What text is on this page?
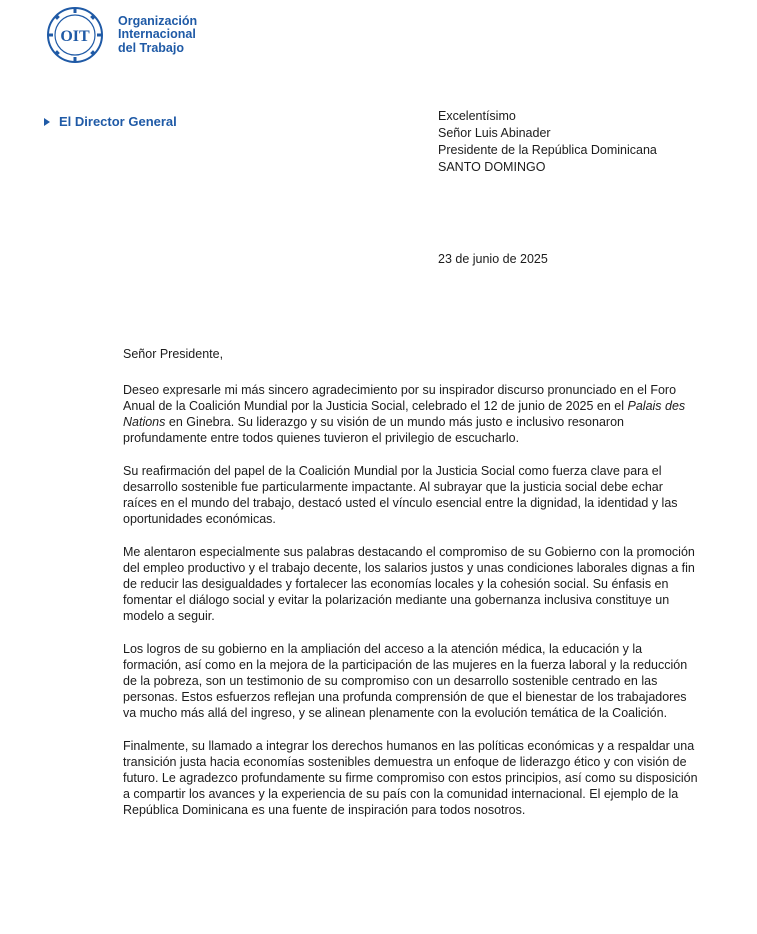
OIT
Organización
Internacional
del Trabajo
El Director General	Excelentísimo
Señor Luis Abinader
Presidente de la República Dominicana
SANTO DOMINGO
23 de junio de 2025

Señor Presidente,

Deseo expresarle mi más sincero agradecimiento por su inspirador discurso pronunciado en el Foro Anual de la Coalición Mundial por la Justicia Social, celebrado el 12 de junio de 2025 en el Palais des Nations en Ginebra. Su liderazgo y su visión de un mundo más justo e inclusivo resonaron profundamente entre todos quienes tuvieron el privilegio de escucharlo.

Su reafirmación del papel de la Coalición Mundial por la Justicia Social como fuerza clave para el desarrollo sostenible fue particularmente impactante. Al subrayar que la justicia social debe echar raíces en el mundo del trabajo, destacó usted el vínculo esencial entre la dignidad, la identidad y las oportunidades económicas.

Me alentaron especialmente sus palabras destacando el compromiso de su Gobierno con la promoción del empleo productivo y el trabajo decente, los salarios justos y unas condiciones laborales dignas a fin de reducir las desigualdades y fortalecer las economías locales y la cohesión social. Su énfasis en fomentar el diálogo social y evitar la polarización mediante una gobernanza inclusiva constituye un modelo a seguir.

Los logros de su gobierno en la ampliación del acceso a la atención médica, la educación y la formación, así como en la mejora de la participación de las mujeres en la fuerza laboral y la reducción de la pobreza, son un testimonio de su compromiso con un desarrollo sostenible centrado en las personas. Estos esfuerzos reflejan una profunda comprensión de que el bienestar de los trabajadores va mucho más allá del ingreso, y se alinean plenamente con la evolución temática de la Coalición.

Finalmente, su llamado a integrar los derechos humanos en las políticas económicas y a respaldar una transición justa hacia economías sostenibles demuestra un enfoque de liderazgo ético y con visión de futuro. Le agradezco profundamente su firme compromiso con estos principios, así como su disposición a compartir los avances y la experiencia de su país con la comunidad internacional. El ejemplo de la República Dominicana es una fuente de inspiración para todos nosotros.
